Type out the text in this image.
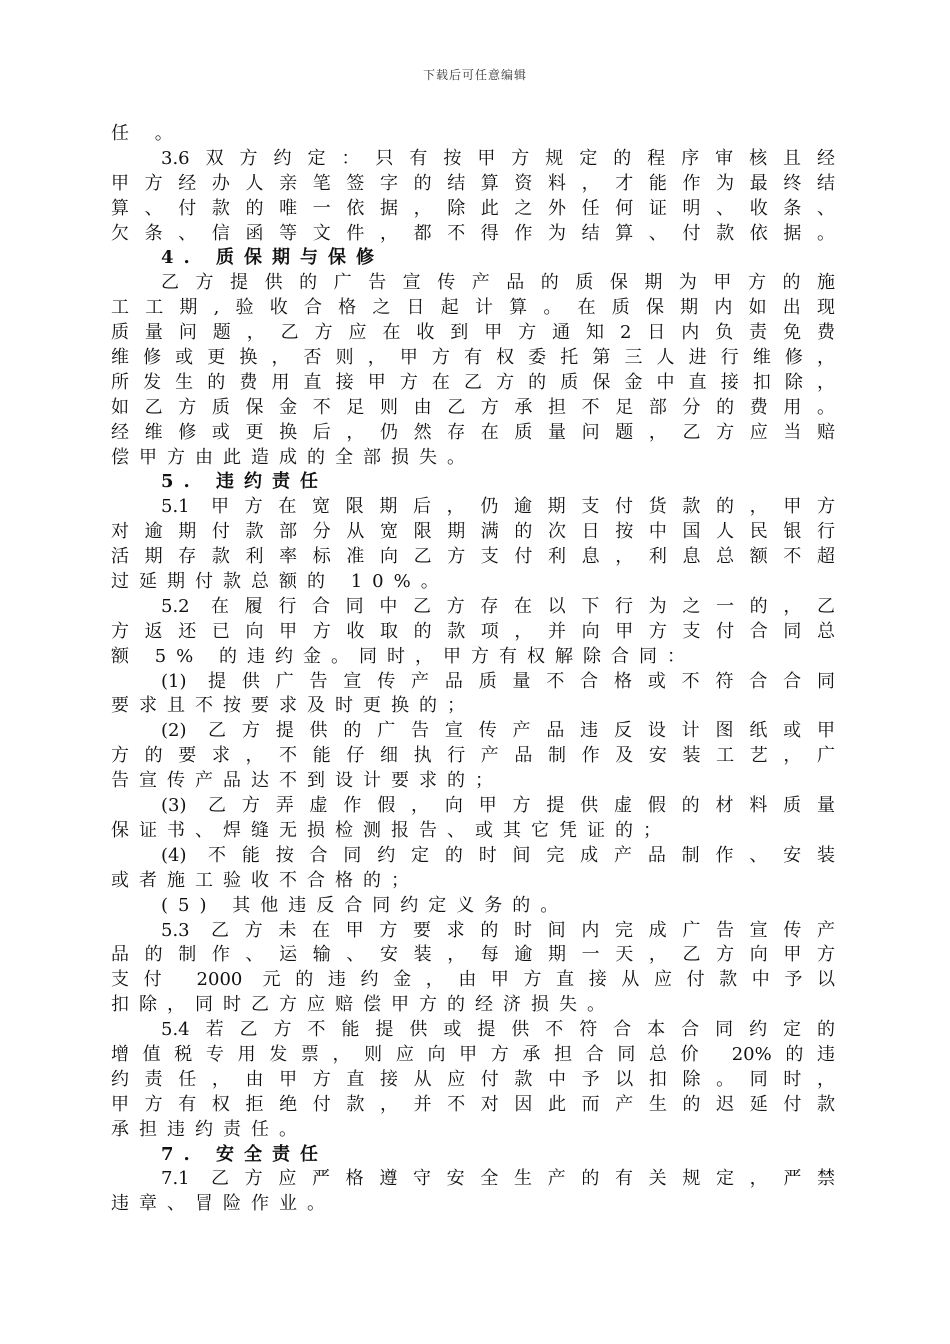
下载后可任意编辑
任 。
3.6双方约定：只有按甲方规定的程序审核且经
甲方经办人亲笔签字的结算资料，才能作为最终结
算、付款的唯一依据，除此之外任何证明、收条、
欠条、信函等文件，都不得作为结算、付款依据。
4. 质保期与保修
乙方提供的广告宣传产品的质保期为甲方的施
工工期,验收合格之日起计算。在质保期内如出现
质量问题，乙方应在收到甲方通知2日内负责免费
维修或更换，否则，甲方有权委托第三人进行维修，
所发生的费用直接甲方在乙方的质保金中直接扣除，
如乙方质保金不足则由乙方承担不足部分的费用。
经维修或更换后，仍然存在质量问题，乙方应当赔
偿甲方由此造成的全部损失。
5. 违约责任
5.1 甲方在宽限期后，仍逾期支付货款的，甲方
对逾期付款部分从宽限期满的次日按中国人民银行
活期存款利率标准向乙方支付利息，利息总额不超
过延期付款总额的 10%。
5.2 在履行合同中乙方存在以下行为之一的，乙
方返还已向甲方收取的款项，并向甲方支付合同总
额 5% 的违约金。同时，甲方有权解除合同：
(1) 提供广告宣传产品质量不合格或不符合合同
要求且不按要求及时更换的；
(2) 乙方提供的广告宣传产品违反设计图纸或甲
方的要求，不能仔细执行产品制作及安装工艺，广
告宣传产品达不到设计要求的；
(3) 乙方弄虚作假，向甲方提供虚假的材料质量
保证书、焊缝无损检测报告、或其它凭证的；
(4) 不能按合同约定的时间完成产品制作、安装
或者施工验收不合格的；
(5) 其他违反合同约定义务的。
5.3 乙方未在甲方要求的时间内完成广告宣传产
品的制作、运输、安装，每逾期一天，乙方向甲方
支付 2000 元的违约金，由甲方直接从应付款中予以
扣除，同时乙方应赔偿甲方的经济损失。
5.4若乙方不能提供或提供不符合本合同约定的
增值税专用发票，则应向甲方承担合同总价 20%的违
约责任，由甲方直接从应付款中予以扣除。同时，
甲方有权拒绝付款，并不对因此而产生的迟延付款
承担违约责任。
7. 安全责任
7.1 乙方应严格遵守安全生产的有关规定，严禁
违章、冒险作业。
